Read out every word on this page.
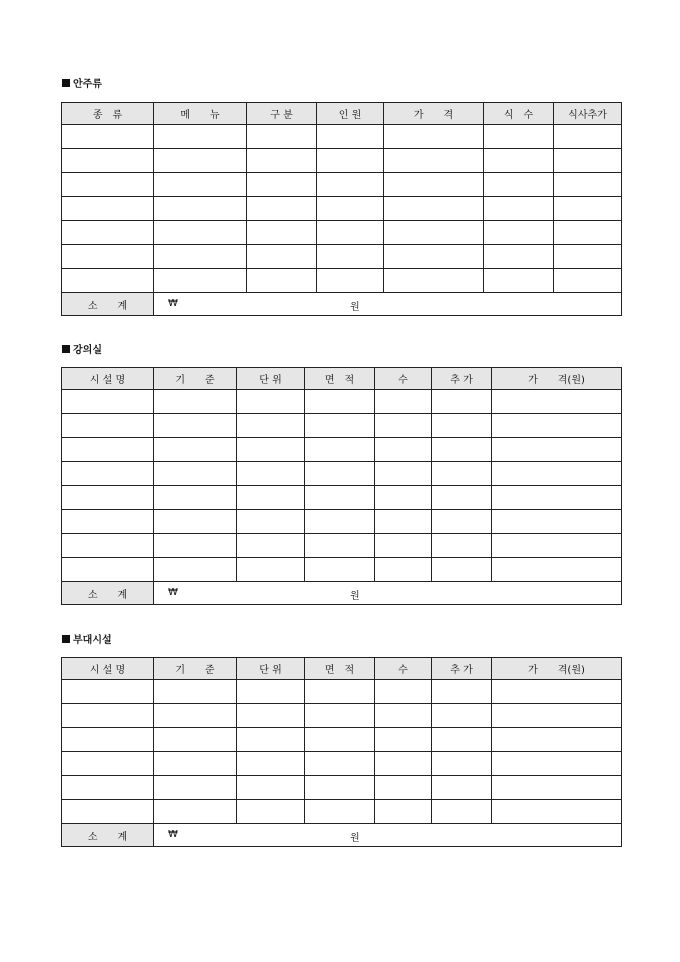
안주류
종　류	메　　뉴	구 분	인 원	가　　격	식　수	식사추가

소　　계	₩ 원					
강의실
시 설 명	기　　준	단 위	면　적	수	추 가	가　　격(원)

소　　계	₩ 원					
부대시설
시 설 명	기　　준	단 위	면　적	수	추 가	가　　격(원)

소　　계	₩ 원					
